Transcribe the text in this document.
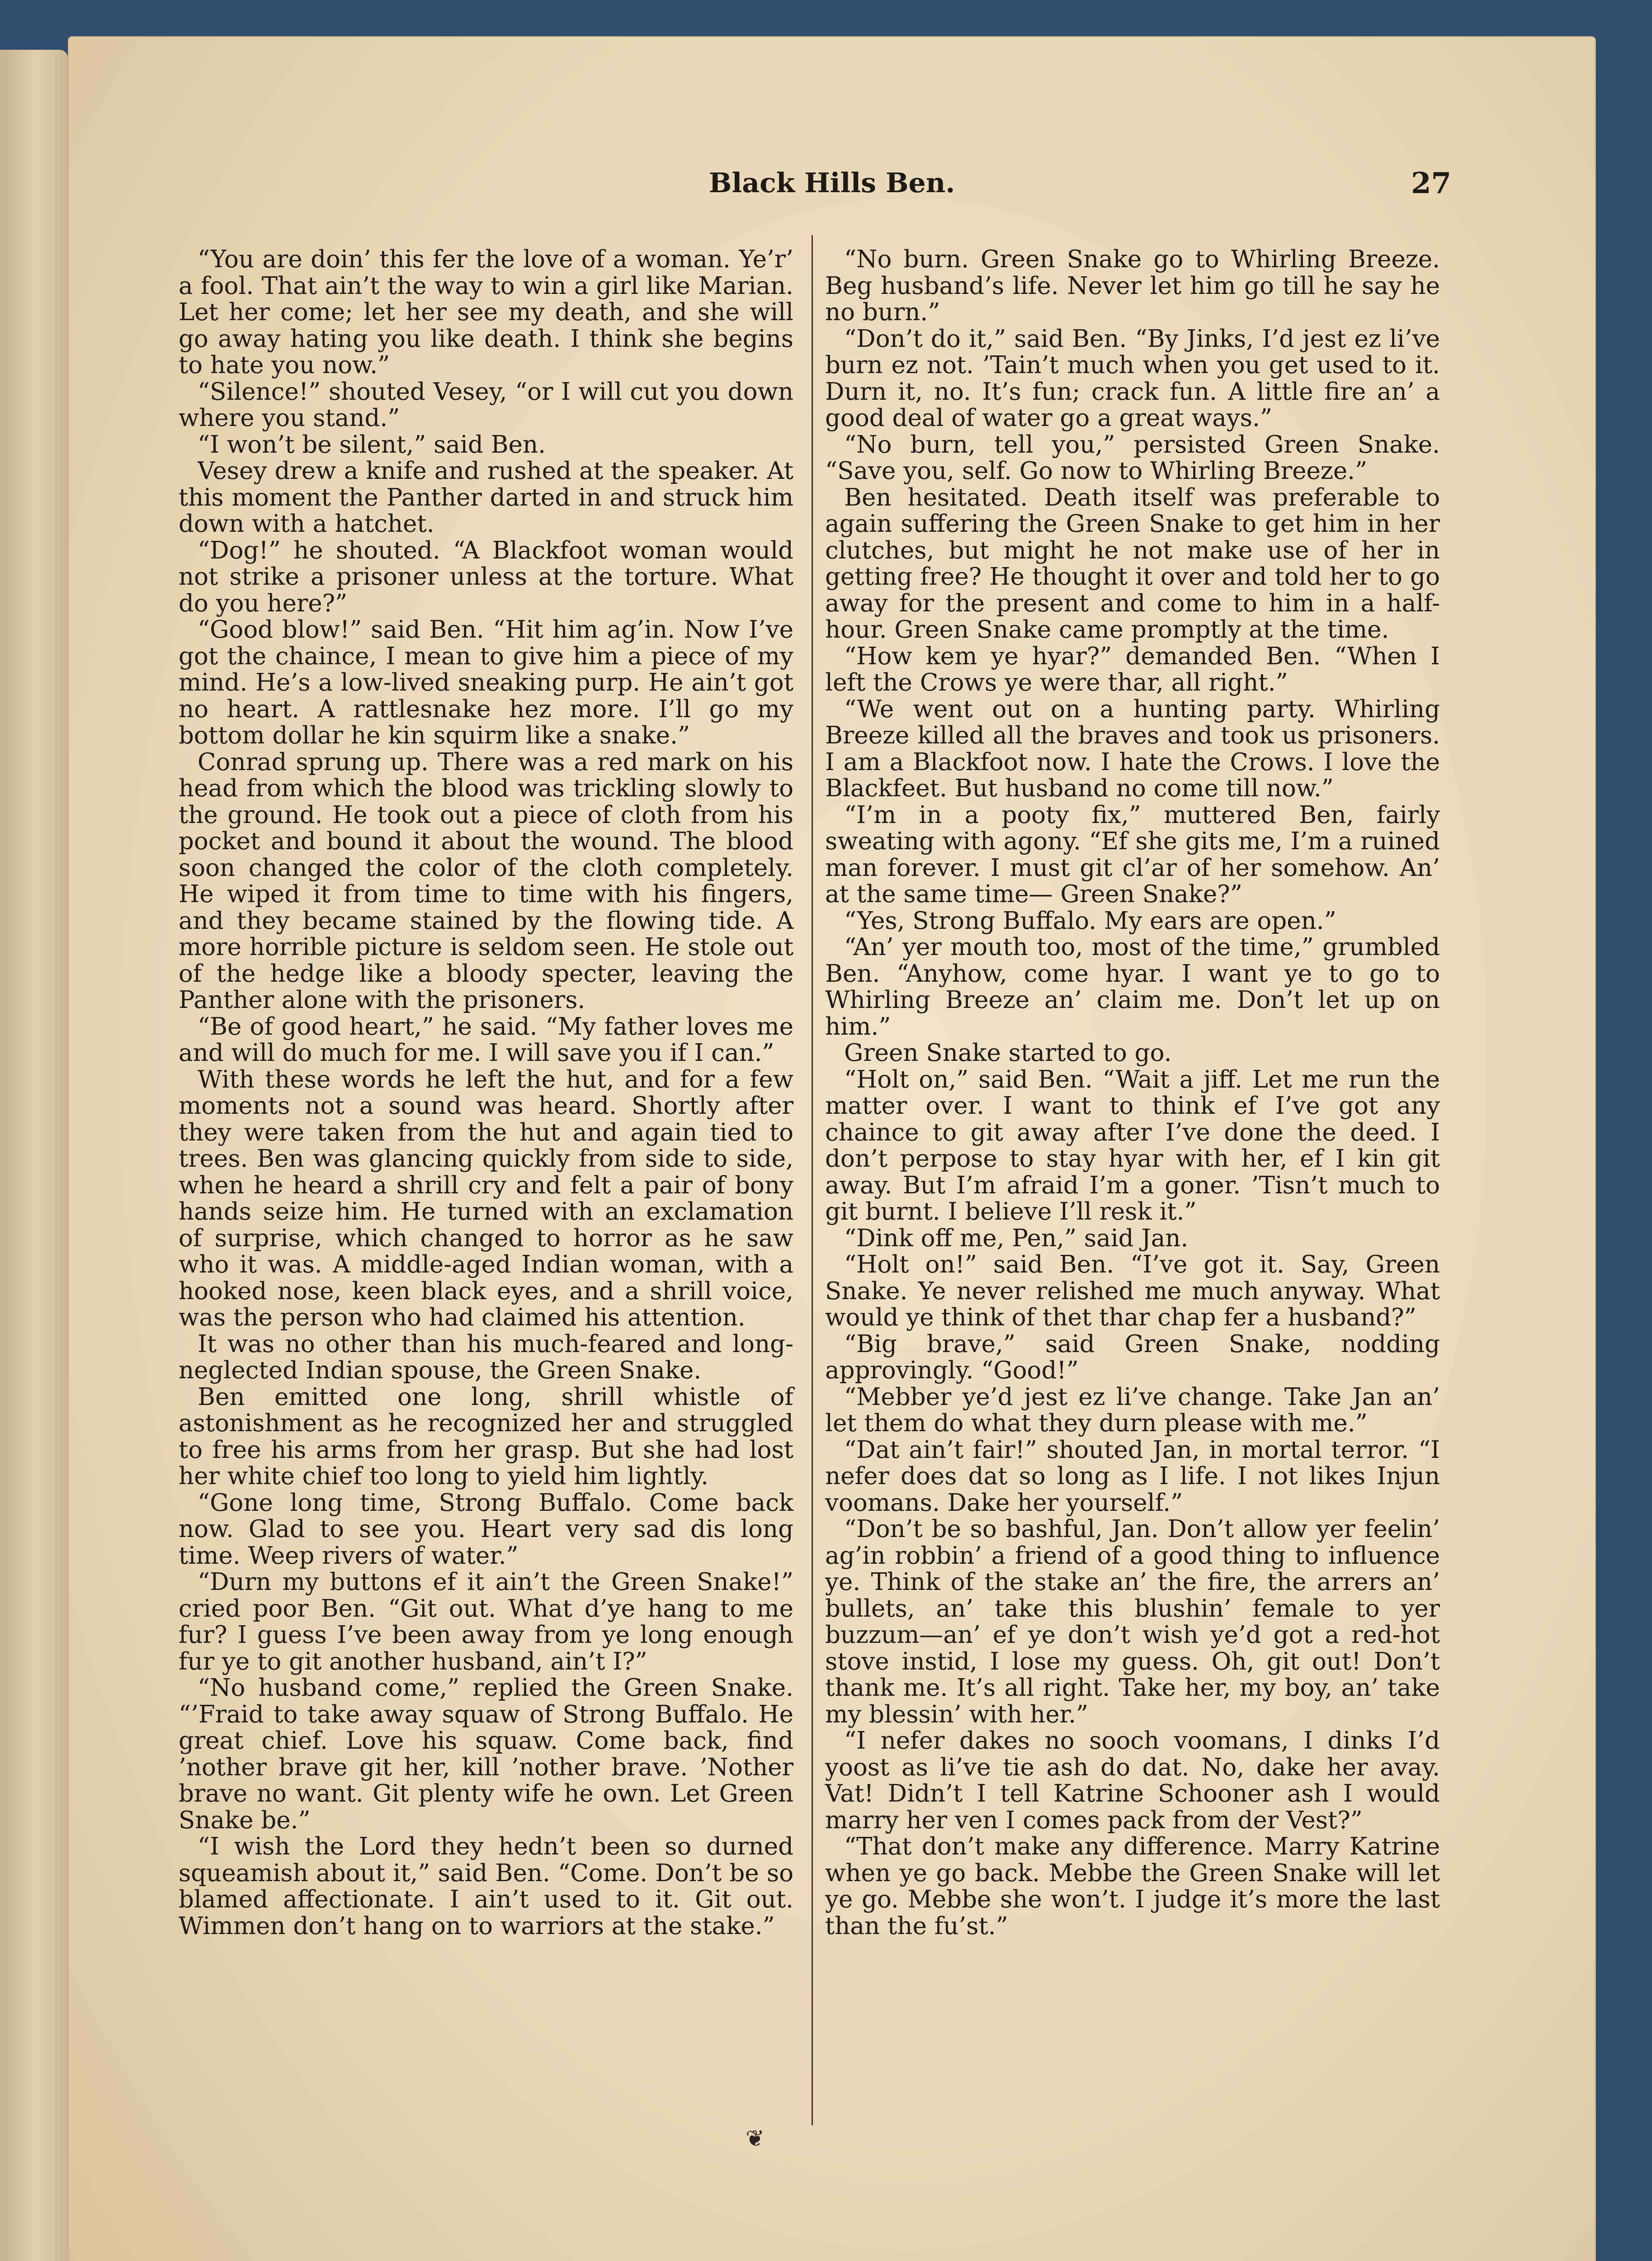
Black Hills Ben.	27

“You are doin’ this fer the love of a woman. Ye’r’ a fool. That ain’t the way to win a girl like Marian. Let her come; let her see my death, and she will go away hating you like death. I think she begins to hate you now.”

“Silence!” shouted Vesey, “or I will cut you down where you stand.”

“I won’t be silent,” said Ben.

Vesey drew a knife and rushed at the speaker. At this moment the Panther darted in and struck him down with a hatchet.

“Dog!” he shouted. “A Blackfoot woman would not strike a prisoner unless at the torture. What do you here?”

“Good blow!” said Ben. “Hit him ag’in. Now I’ve got the chaince, I mean to give him a piece of my mind. He’s a low-lived sneaking purp. He ain’t got no heart. A rattlesnake hez more. I’ll go my bottom dollar he kin squirm like a snake.”

Conrad sprung up. There was a red mark on his head from which the blood was trickling slowly to the ground. He took out a piece of cloth from his pocket and bound it about the wound. The blood soon changed the color of the cloth completely. He wiped it from time to time with his fingers, and they became stained by the flowing tide. A more horrible picture is seldom seen. He stole out of the hedge like a bloody specter, leaving the Panther alone with the prisoners.

“Be of good heart,” he said. “My father loves me and will do much for me. I will save you if I can.”

With these words he left the hut, and for a few moments not a sound was heard. Shortly after they were taken from the hut and again tied to trees. Ben was glancing quickly from side to side, when he heard a shrill cry and felt a pair of bony hands seize him. He turned with an exclamation of surprise, which changed to horror as he saw who it was. A middle-aged Indian woman, with a hooked nose, keen black eyes, and a shrill voice, was the person who had claimed his attention.

It was no other than his much-feared and long-neglected Indian spouse, the Green Snake.

Ben emitted one long, shrill whistle of astonishment as he recognized her and struggled to free his arms from her grasp. But she had lost her white chief too long to yield him lightly.

“Gone long time, Strong Buffalo. Come back now. Glad to see you. Heart very sad dis long time. Weep rivers of water.”

“Durn my buttons ef it ain’t the Green Snake!” cried poor Ben. “Git out. What d’ye hang to me fur? I guess I’ve been away from ye long enough fur ye to git another husband, ain’t I?”

“No husband come,” replied the Green Snake. “’Fraid to take away squaw of Strong Buffalo. He great chief. Love his squaw. Come back, find ’nother brave git her, kill ’nother brave. ’Nother brave no want. Git plenty wife he own. Let Green Snake be.”

“I wish the Lord they hedn’t been so durned squeamish about it,” said Ben. “Come. Don’t be so blamed affectionate. I ain’t used to it. Git out. Wimmen don’t hang on to warriors at the stake.”

“No burn. Green Snake go to Whirling Breeze. Beg husband’s life. Never let him go till he say he no burn.”

“Don’t do it,” said Ben. “By Jinks, I’d jest ez li’ve burn ez not. ’Tain’t much when you get used to it. Durn it, no. It’s fun; crack fun. A little fire an’ a good deal of water go a great ways.”

“No burn, tell you,” persisted Green Snake. “Save you, self. Go now to Whirling Breeze.”

Ben hesitated. Death itself was preferable to again suffering the Green Snake to get him in her clutches, but might he not make use of her in getting free? He thought it over and told her to go away for the present and come to him in a half-hour. Green Snake came promptly at the time.

“How kem ye hyar?” demanded Ben. “When I left the Crows ye were thar, all right.”

“We went out on a hunting party. Whirling Breeze killed all the braves and took us prisoners. I am a Blackfoot now. I hate the Crows. I love the Blackfeet. But husband no come till now.”

“I’m in a pooty fix,” muttered Ben, fairly sweating with agony. “Ef she gits me, I’m a ruined man forever. I must git cl’ar of her somehow. An’ at the same time— Green Snake?”

“Yes, Strong Buffalo. My ears are open.”

“An’ yer mouth too, most of the time,” grumbled Ben. “Anyhow, come hyar. I want ye to go to Whirling Breeze an’ claim me. Don’t let up on him.”

Green Snake started to go.

“Holt on,” said Ben. “Wait a jiff. Let me run the matter over. I want to think ef I’ve got any chaince to git away after I’ve done the deed. I don’t perpose to stay hyar with her, ef I kin git away. But I’m afraid I’m a goner. ’Tisn’t much to git burnt. I believe I’ll resk it.”

“Dink off me, Pen,” said Jan.

“Holt on!” said Ben. “I’ve got it. Say, Green Snake. Ye never relished me much anyway. What would ye think of thet thar chap fer a husband?”

“Big brave,” said Green Snake, nodding approvingly. “Good!”

“Mebber ye’d jest ez li’ve change. Take Jan an’ let them do what they durn please with me.”

“Dat ain’t fair!” shouted Jan, in mortal terror. “I nefer does dat so long as I life. I not likes Injun voomans. Dake her yourself.”

“Don’t be so bashful, Jan. Don’t allow yer feelin’ ag’in robbin’ a friend of a good thing to influence ye. Think of the stake an’ the fire, the arrers an’ bullets, an’ take this blushin’ female to yer buzzum—an’ ef ye don’t wish ye’d got a red-hot stove instid, I lose my guess. Oh, git out! Don’t thank me. It’s all right. Take her, my boy, an’ take my blessin’ with her.”

“I nefer dakes no sooch voomans, I dinks I’d yoost as li’ve tie ash do dat. No, dake her avay. Vat! Didn’t I tell Katrine Schooner ash I would marry her ven I comes pack from der Vest?”

“That don’t make any difference. Marry Katrine when ye go back. Mebbe the Green Snake will let ye go. Mebbe she won’t. I judge it’s more the last than the fu’st.”

❦
